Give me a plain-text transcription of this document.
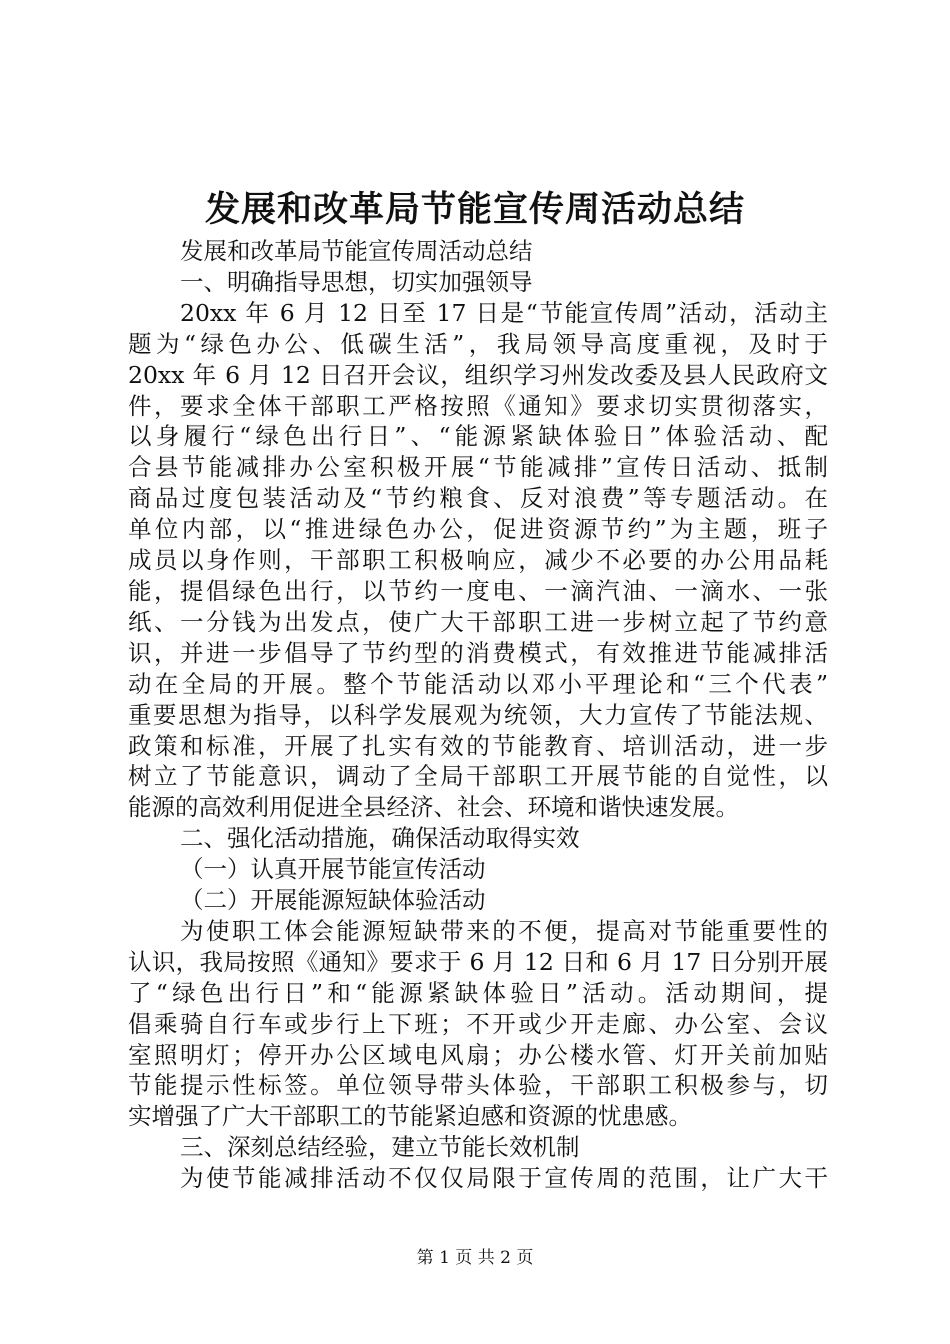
发展和改革局节能宣传周活动总结
发展和改革局节能宣传周活动总结
一、明确指导思想，切实加强领导
20xx 年 6 月 12 日至 17 日是“节能宣传周”活动，活动主
题为“绿色办公、低碳生活”，我局领导高度重视，及时于
20xx 年 6 月 12 日召开会议，组织学习州发改委及县人民政府文
件，要求全体干部职工严格按照《通知》要求切实贯彻落实，
以身履行“绿色出行日”、“能源紧缺体验日”体验活动、配
合县节能减排办公室积极开展“节能减排”宣传日活动、抵制
商品过度包装活动及“节约粮食、反对浪费”等专题活动。在
单位内部，以“推进绿色办公，促进资源节约”为主题，班子
成员以身作则，干部职工积极响应，减少不必要的办公用品耗
能，提倡绿色出行，以节约一度电、一滴汽油、一滴水、一张
纸、一分钱为出发点，使广大干部职工进一步树立起了节约意
识，并进一步倡导了节约型的消费模式，有效推进节能减排活
动在全局的开展。整个节能活动以邓小平理论和“三个代表”
重要思想为指导，以科学发展观为统领，大力宣传了节能法规、
政策和标准，开展了扎实有效的节能教育、培训活动，进一步
树立了节能意识，调动了全局干部职工开展节能的自觉性，以
能源的高效利用促进全县经济、社会、环境和谐快速发展。
二、强化活动措施，确保活动取得实效
（一）认真开展节能宣传活动
（二）开展能源短缺体验活动
为使职工体会能源短缺带来的不便，提高对节能重要性的
认识，我局按照《通知》要求于 6 月 12 日和 6 月 17 日分别开展
了“绿色出行日”和“能源紧缺体验日”活动。活动期间，提
倡乘骑自行车或步行上下班；不开或少开走廊、办公室、会议
室照明灯；停开办公区域电风扇；办公楼水管、灯开关前加贴
节能提示性标签。单位领导带头体验，干部职工积极参与，切
实增强了广大干部职工的节能紧迫感和资源的忧患感。
三、深刻总结经验，建立节能长效机制
为使节能减排活动不仅仅局限于宣传周的范围，让广大干
第 1 页 共 2 页
